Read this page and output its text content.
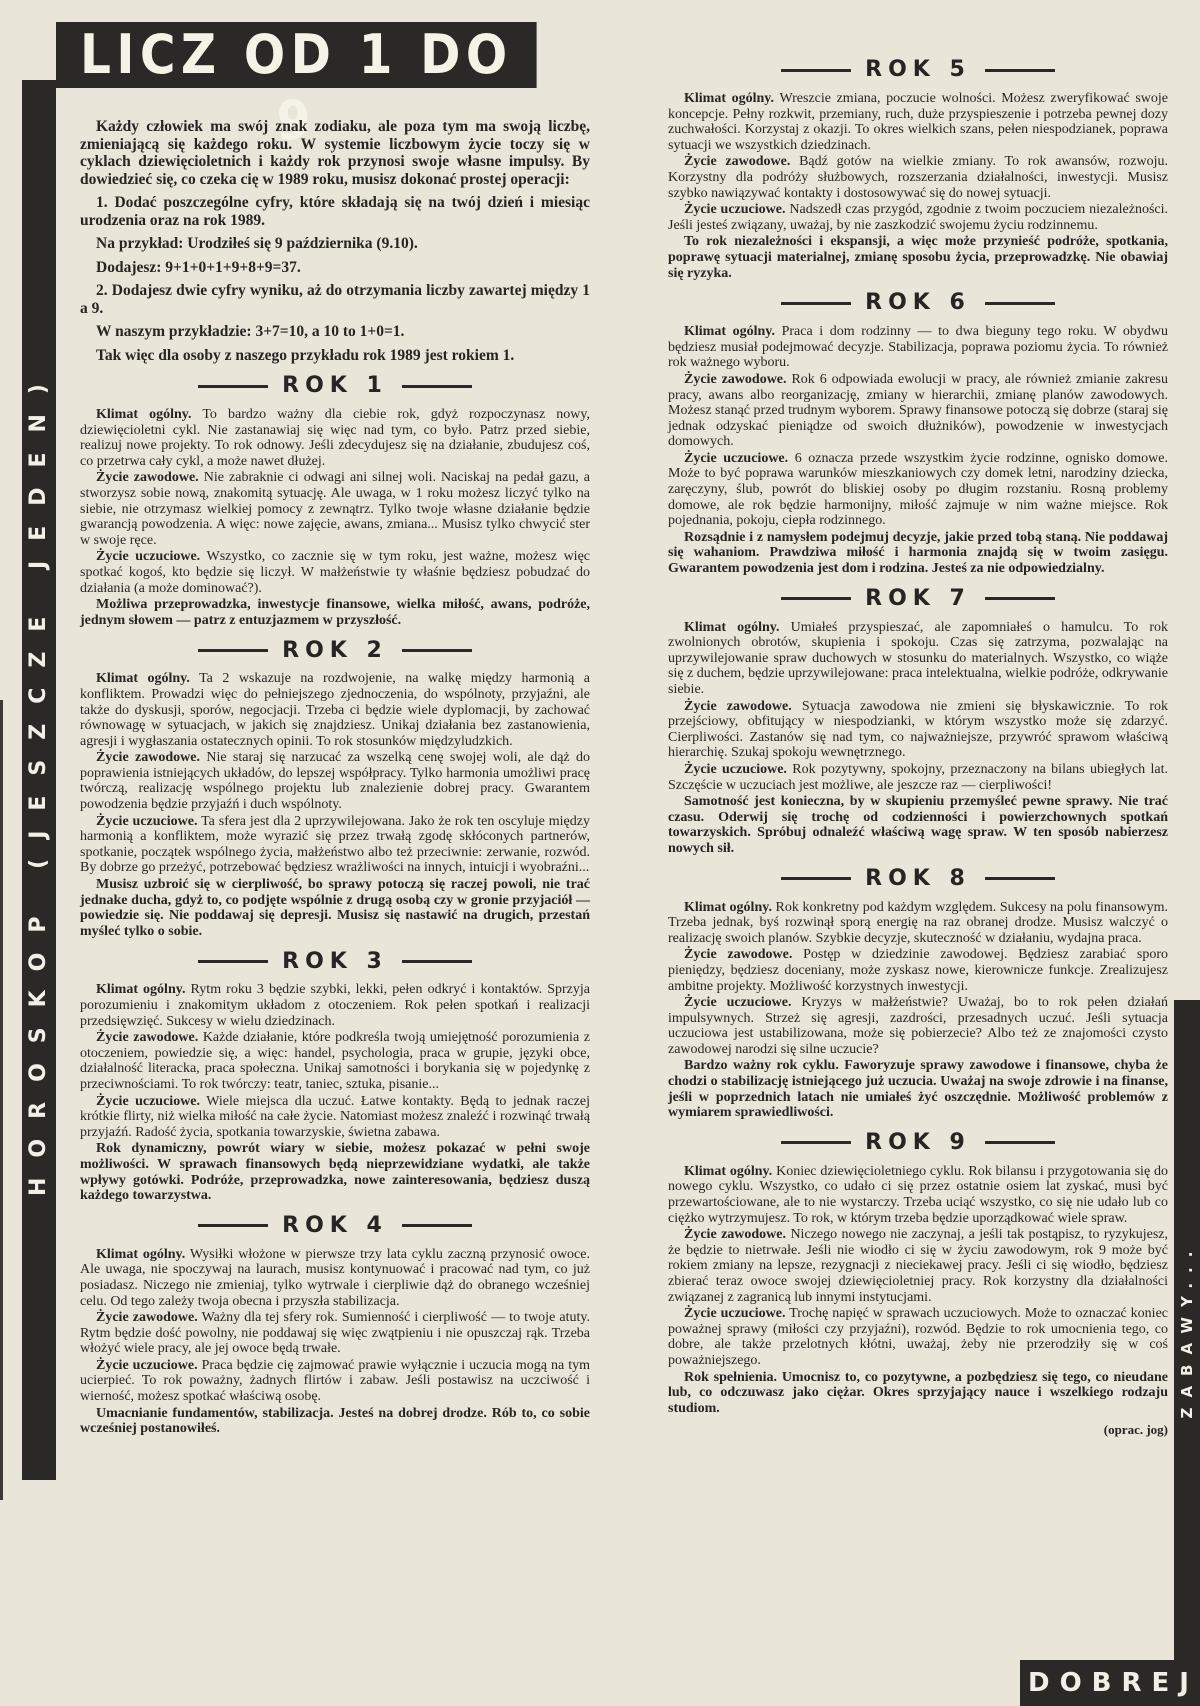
HOROSKOP (JESZCZE JEDEN)
LICZ OD 1 DO 9

Każdy człowiek ma swój znak zodiaku, ale poza tym ma swoją liczbę, zmieniającą się każdego roku. W systemie liczbowym życie toczy się w cyklach dziewięcioletnich i każdy rok przynosi swoje własne impulsy. By dowiedzieć się, co czeka cię w 1989 roku, musisz dokonać prostej operacji:

1. Dodać poszczególne cyfry, które składają się na twój dzień i miesiąc urodzenia oraz na rok 1989.

Na przykład: Urodziłeś się 9 października (9.10).

Dodajesz: 9+1+0+1+9+8+9=37.

2. Dodajesz dwie cyfry wyniku, aż do otrzymania liczby zawartej między 1 a 9.

W naszym przykładzie: 3+7=10, a 10 to 1+0=1.

Tak więc dla osoby z naszego przykładu rok 1989 jest rokiem 1.

ROK 1

Klimat ogólny. To bardzo ważny dla ciebie rok, gdyż rozpoczynasz nowy, dziewięcioletni cykl. Nie zastanawiaj się więc nad tym, co było. Patrz przed siebie, realizuj nowe projekty. To rok odnowy. Jeśli zdecydujesz się na działanie, zbudujesz coś, co przetrwa cały cykl, a może nawet dłużej.

Życie zawodowe. Nie zabraknie ci odwagi ani silnej woli. Naciskaj na pedał gazu, a stworzysz sobie nową, znakomitą sytuację. Ale uwaga, w 1 roku możesz liczyć tylko na siebie, nie otrzymasz wielkiej pomocy z zewnątrz. Tylko twoje własne działanie będzie gwarancją powodzenia. A więc: nowe zajęcie, awans, zmiana... Musisz tylko chwycić ster w swoje ręce.

Życie uczuciowe. Wszystko, co zacznie się w tym roku, jest ważne, możesz więc spotkać kogoś, kto będzie się liczył. W małżeństwie ty właśnie będziesz pobudzać do działania (a może dominować?).

Możliwa przeprowadzka, inwestycje finansowe, wielka miłość, awans, podróże, jednym słowem — patrz z entuzjazmem w przyszłość.

ROK 2

Klimat ogólny. Ta 2 wskazuje na rozdwojenie, na walkę między harmonią a konfliktem. Prowadzi więc do pełniejszego zjednoczenia, do wspólnoty, przyjaźni, ale także do dyskusji, sporów, negocjacji. Trzeba ci będzie wiele dyplomacji, by zachować równowagę w sytuacjach, w jakich się znajdziesz. Unikaj działania bez zastanowienia, agresji i wygłaszania ostatecznych opinii. To rok stosunków międzyludzkich.

Życie zawodowe. Nie staraj się narzucać za wszelką cenę swojej woli, ale dąż do poprawienia istniejących układów, do lepszej współpracy. Tylko harmonia umożliwi pracę twórczą, realizację wspólnego projektu lub znalezienie dobrej pracy. Gwarantem powodzenia będzie przyjaźń i duch wspólnoty.

Życie uczuciowe. Ta sfera jest dla 2 uprzywilejowana. Jako że rok ten oscyluje między harmonią a konfliktem, może wyrazić się przez trwałą zgodę skłóconych partnerów, spotkanie, początek wspólnego życia, małżeństwo albo też przeciwnie: zerwanie, rozwód. By dobrze go przeżyć, potrzebować będziesz wrażliwości na innych, intuicji i wyobraźni...

Musisz uzbroić się w cierpliwość, bo sprawy potoczą się raczej powoli, nie trać jednake ducha, gdyż to, co podjęte wspólnie z drugą osobą czy w gronie przyjaciół — powiedzie się. Nie poddawaj się depresji. Musisz się nastawić na drugich, przestań myśleć tylko o sobie.

ROK 3

Klimat ogólny. Rytm roku 3 będzie szybki, lekki, pełen odkryć i kontaktów. Sprzyja porozumieniu i znakomitym układom z otoczeniem. Rok pełen spotkań i realizacji przedsięwzięć. Sukcesy w wielu dziedzinach.

Życie zawodowe. Każde działanie, które podkreśla twoją umiejętność porozumienia z otoczeniem, powiedzie się, a więc: handel, psychologia, praca w grupie, języki obce, działalność literacka, praca społeczna. Unikaj samotności i borykania się w pojedynkę z przeciwnościami. To rok twórczy: teatr, taniec, sztuka, pisanie...

Życie uczuciowe. Wiele miejsca dla uczuć. Łatwe kontakty. Będą to jednak raczej krótkie flirty, niż wielka miłość na całe życie. Natomiast możesz znaleźć i rozwinąć trwałą przyjaźń. Radość życia, spotkania towarzyskie, świetna zabawa.

Rok dynamiczny, powrót wiary w siebie, możesz pokazać w pełni swoje możliwości. W sprawach finansowych będą nieprzewidziane wydatki, ale także wpływy gotówki. Podróże, przeprowadzka, nowe zainteresowania, będziesz duszą każdego towarzystwa.

ROK 4

Klimat ogólny. Wysiłki włożone w pierwsze trzy lata cyklu zaczną przynosić owoce. Ale uwaga, nie spoczywaj na laurach, musisz kontynuować i pracować nad tym, co już posiadasz. Niczego nie zmieniaj, tylko wytrwale i cierpliwie dąż do obranego wcześniej celu. Od tego zależy twoja obecna i przyszła stabilizacja.

Życie zawodowe. Ważny dla tej sfery rok. Sumienność i cierpliwość — to twoje atuty. Rytm będzie dość powolny, nie poddawaj się więc zwątpieniu i nie opuszczaj rąk. Trzeba włożyć wiele pracy, ale jej owoce będą trwałe.

Życie uczuciowe. Praca będzie cię zajmować prawie wyłącznie i uczucia mogą na tym ucierpieć. To rok poważny, żadnych flirtów i zabaw. Jeśli postawisz na uczciwość i wierność, możesz spotkać właściwą osobę.

Umacnianie fundamentów, stabilizacja. Jesteś na dobrej drodze. Rób to, co sobie wcześniej postanowiłeś.

ROK 5

Klimat ogólny. Wreszcie zmiana, poczucie wolności. Możesz zweryfikować swoje koncepcje. Pełny rozkwit, przemiany, ruch, duże przyspieszenie i potrzeba pewnej dozy zuchwałości. Korzystaj z okazji. To okres wielkich szans, pełen niespodzianek, poprawa sytuacji we wszystkich dziedzinach.

Życie zawodowe. Bądź gotów na wielkie zmiany. To rok awansów, rozwoju. Korzystny dla podróży służbowych, rozszerzania działalności, inwestycji. Musisz szybko nawiązywać kontakty i dostosowywać się do nowej sytuacji.

Życie uczuciowe. Nadszedł czas przygód, zgodnie z twoim poczuciem niezależności. Jeśli jesteś związany, uważaj, by nie zaszkodzić swojemu życiu rodzinnemu.

To rok niezależności i ekspansji, a więc może przynieść podróże, spotkania, poprawę sytuacji materialnej, zmianę sposobu życia, przeprowadzkę. Nie obawiaj się ryzyka.

ROK 6

Klimat ogólny. Praca i dom rodzinny — to dwa bieguny tego roku. W obydwu będziesz musiał podejmować decyzje. Stabilizacja, poprawa poziomu życia. To również rok ważnego wyboru.

Życie zawodowe. Rok 6 odpowiada ewolucji w pracy, ale również zmianie zakresu pracy, awans albo reorganizację, zmiany w hierarchii, zmianę planów zawodowych. Możesz stanąć przed trudnym wyborem. Sprawy finansowe potoczą się dobrze (staraj się jednak odzyskać pieniądze od swoich dłużników), powodzenie w inwestycjach domowych.

Życie uczuciowe. 6 oznacza przede wszystkim życie rodzinne, ognisko domowe. Może to być poprawa warunków mieszkaniowych czy domek letni, narodziny dziecka, zaręczyny, ślub, powrót do bliskiej osoby po długim rozstaniu. Rosną problemy domowe, ale rok będzie harmonijny, miłość zajmuje w nim ważne miejsce. Rok pojednania, pokoju, ciepła rodzinnego.

Rozsądnie i z namysłem podejmuj decyzje, jakie przed tobą staną. Nie poddawaj się wahaniom. Prawdziwa miłość i harmonia znajdą się w twoim zasięgu. Gwarantem powodzenia jest dom i rodzina. Jesteś za nie odpowiedzialny.

ROK 7

Klimat ogólny. Umiałeś przyspieszać, ale zapomniałeś o hamulcu. To rok zwolnionych obrotów, skupienia i spokoju. Czas się zatrzyma, pozwalając na uprzywilejowanie spraw duchowych w stosunku do materialnych. Wszystko, co wiąże się z duchem, będzie uprzywilejowane: praca intelektualna, wielkie podróże, odkrywanie siebie.

Życie zawodowe. Sytuacja zawodowa nie zmieni się błyskawicznie. To rok przejściowy, obfitujący w niespodzianki, w którym wszystko może się zdarzyć. Cierpliwości. Zastanów się nad tym, co najważniejsze, przywróć sprawom właściwą hierarchię. Szukaj spokoju wewnętrznego.

Życie uczuciowe. Rok pozytywny, spokojny, przeznaczony na bilans ubiegłych lat. Szczęście w uczuciach jest możliwe, ale jeszcze raz — cierpliwości!

Samotność jest konieczna, by w skupieniu przemyśleć pewne sprawy. Nie trać czasu. Oderwij się trochę od codzienności i powierzchownych spotkań towarzyskich. Spróbuj odnaleźć właściwą wagę spraw. W ten sposób nabierzesz nowych sił.

ROK 8

Klimat ogólny. Rok konkretny pod każdym względem. Sukcesy na polu finansowym. Trzeba jednak, byś rozwinął sporą energię na raz obranej drodze. Musisz walczyć o realizację swoich planów. Szybkie decyzje, skuteczność w działaniu, wydajna praca.

Życie zawodowe. Postęp w dziedzinie zawodowej. Będziesz zarabiać sporo pieniędzy, będziesz doceniany, może zyskasz nowe, kierownicze funkcje. Zrealizujesz ambitne projekty. Możliwość korzystnych inwestycji.

Życie uczuciowe. Kryzys w małżeństwie? Uważaj, bo to rok pełen działań impulsywnych. Strzeż się agresji, zazdrości, przesadnych uczuć. Jeśli sytuacja uczuciowa jest ustabilizowana, może się pobierzecie? Albo też ze znajomości czysto zawodowej narodzi się silne uczucie?

Bardzo ważny rok cyklu. Faworyzuje sprawy zawodowe i finansowe, chyba że chodzi o stabilizację istniejącego już uczucia. Uważaj na swoje zdrowie i na finanse, jeśli w poprzednich latach nie umiałeś żyć oszczędnie. Możliwość problemów z wymiarem sprawiedliwości.

ROK 9

Klimat ogólny. Koniec dziewięcioletniego cyklu. Rok bilansu i przygotowania się do nowego cyklu. Wszystko, co udało ci się przez ostatnie osiem lat zyskać, musi być przewartościowane, ale to nie wystarczy. Trzeba uciąć wszystko, co się nie udało lub co ciężko wytrzymujesz. To rok, w którym trzeba będzie uporządkować wiele spraw.

Życie zawodowe. Niczego nowego nie zaczynaj, a jeśli tak postąpisz, to ryzykujesz, że będzie to nietrwałe. Jeśli nie wiodło ci się w życiu zawodowym, rok 9 może być rokiem zmiany na lepsze, rezygnacji z nieciekawej pracy. Jeśli ci się wiodło, będziesz zbierać teraz owoce swojej dziewięcioletniej pracy. Rok korzystny dla działalności związanej z zagranicą lub innymi instytucjami.

Życie uczuciowe. Trochę napięć w sprawach uczuciowych. Może to oznaczać koniec poważnej sprawy (miłości czy przyjaźni), rozwód. Będzie to rok umocnienia tego, co dobre, ale także przelotnych kłótni, uważaj, żeby nie przerodziły się w coś poważniejszego.

Rok spełnienia. Umocnisz to, co pozytywne, a pozbędziesz się tego, co nieudane lub, co odczuwasz jako ciężar. Okres sprzyjający nauce i wszelkiego rodzaju studiom.

(oprac. jog)
ZABAWY...
DOBREJ
